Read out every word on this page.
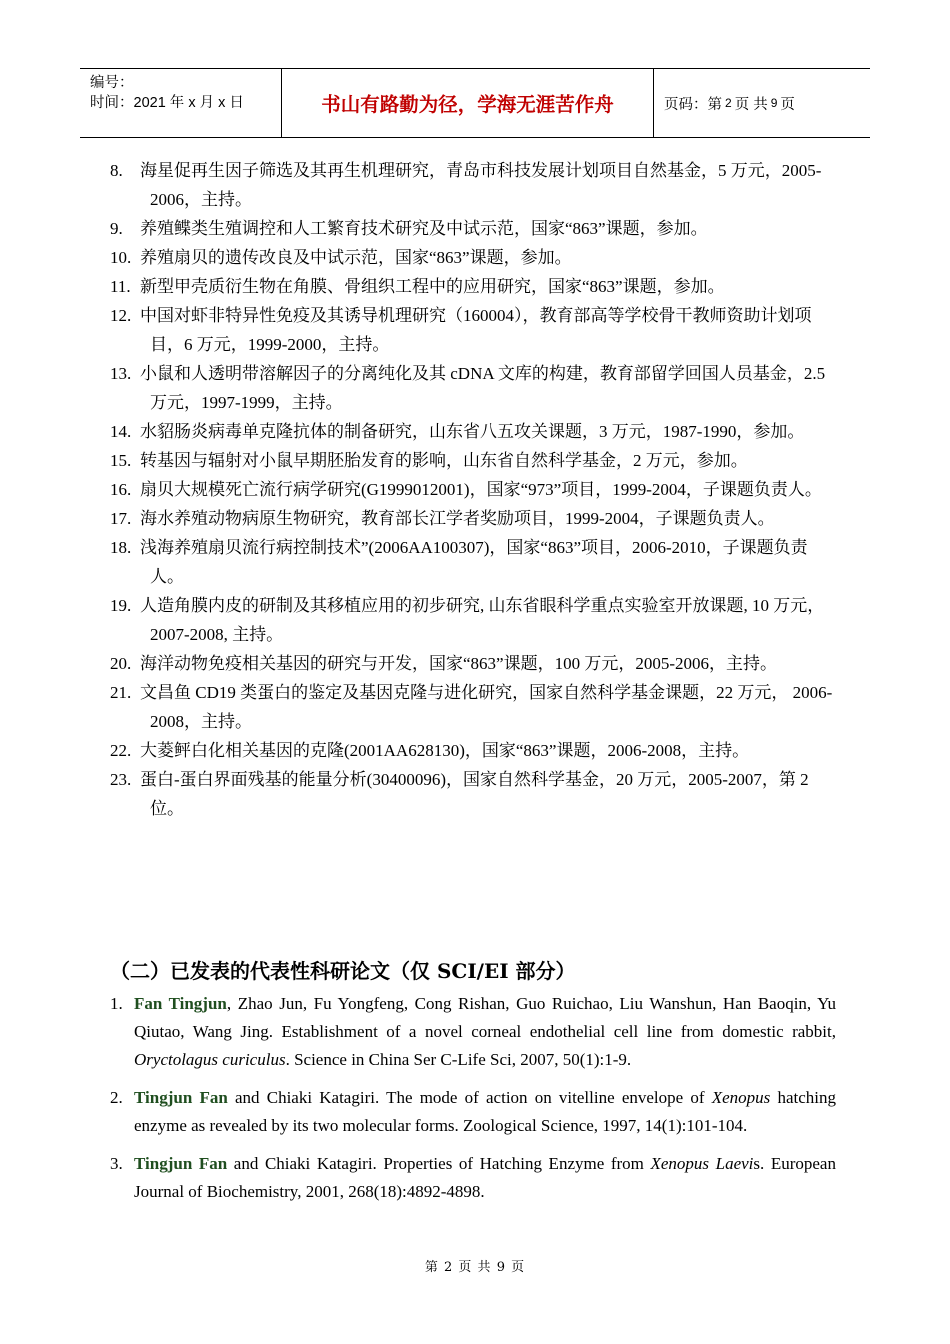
编号：
时间：2021 年 x 月 x 日	书山有路勤为径，学海无涯苦作舟	页码：第 2 页 共 9 页
8. 海星促再生因子筛选及其再生机理研究，青岛市科技发展计划项目自然基金，5 万元，2005-2006，主持。
9. 养殖鲽类生殖调控和人工繁育技术研究及中试示范，国家“863”课题，参加。
10. 养殖扇贝的遗传改良及中试示范，国家“863”课题，参加。
11. 新型甲壳质衍生物在角膜、骨组织工程中的应用研究，国家“863”课题，参加。
12. 中国对虾非特异性免疫及其诱导机理研究（160004），教育部高等学校骨干教师资助计划项目，6 万元，1999-2000，主持。
13. 小鼠和人透明带溶解因子的分离纯化及其 cDNA 文库的构建，教育部留学回国人员基金，2.5 万元，1997-1999，主持。
14. 水貂肠炎病毒单克隆抗体的制备研究，山东省八五攻关课题，3 万元，1987-1990，参加。
15. 转基因与辐射对小鼠早期胚胎发育的影响，山东省自然科学基金，2 万元，参加。
16. 扇贝大规模死亡流行病学研究(G1999012001)，国家“973”项目，1999-2004，子课题负责人。
17. 海水养殖动物病原生物研究，教育部长江学者奖励项目，1999-2004，子课题负责人。
18. 浅海养殖扇贝流行病控制技术”(2006AA100307)，国家“863”项目，2006-2010，子课题负责人。
19. 人造角膜内皮的研制及其移植应用的初步研究, 山东省眼科学重点实验室开放课题, 10 万元，2007-2008, 主持。
20. 海洋动物免疫相关基因的研究与开发，国家“863”课题，100 万元，2005-2006，主持。
21. 文昌鱼 CD19 类蛋白的鉴定及基因克隆与进化研究，国家自然科学基金课题，22 万元， 2006-2008，主持。
22. 大菱鲆白化相关基因的克隆(2001AA628130)，国家“863”课题，2006-2008，主持。
23. 蛋白-蛋白界面残基的能量分析(30400096)，国家自然科学基金，20 万元，2005-2007，第 2 位。
（二）已发表的代表性科研论文（仅 SCI/EI 部分）
1. Fan Tingjun, Zhao Jun, Fu Yongfeng, Cong Rishan, Guo Ruichao, Liu Wanshun, Han Baoqin, Yu Qiutao, Wang Jing. Establishment of a novel corneal endothelial cell line from domestic rabbit, Oryctolagus curiculus. Science in China Ser C-Life Sci, 2007, 50(1):1-9.
2. Tingjun Fan and Chiaki Katagiri. The mode of action on vitelline envelope of Xenopus hatching enzyme as revealed by its two molecular forms. Zoological Science, 1997, 14(1):101-104.
3. Tingjun Fan and Chiaki Katagiri. Properties of Hatching Enzyme from Xenopus Laevis. European Journal of Biochemistry, 2001, 268(18):4892-4898.
第 2 页 共 9 页
